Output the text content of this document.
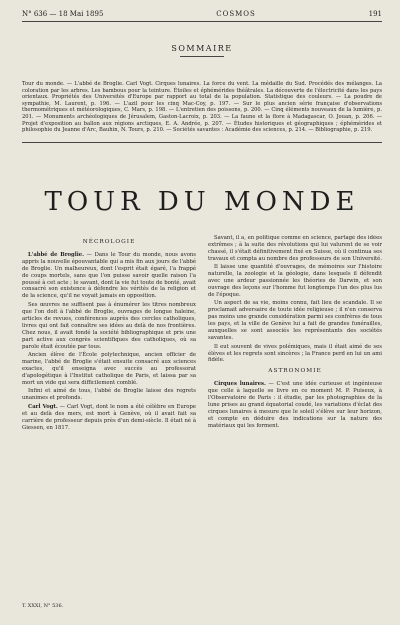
N° 636 — 18 Mai 1895	COSMOS	191
SOMMAIRE
Tour du monde. — L'abbé de Broglie. Carl Vogt. Cirques lunaires. La force du vent. La médaille du Sud. Procédés des mélanges. La coloration par les arbres. Les bambous pour la teinture. Étoiles et éphémérides théâtrales. La découverte de l'électricité dans les pays orientaux. Propriétés des Universités d'Europe par rapport au total de la population. Statistique des couleurs. — La poudre de sympathie, M. Laurent, p. 196. — L'azil pour les cinq Mac-Coy, p. 197. — Sur le plus ancien série française d'observations thermométriques et météorologiques, C. Mars, p. 198. — L'entretien des poissons, p. 200. — Cinq éléments nouveaux de la lumière, p. 201. — Monuments archéologiques de Jérusalem, Gaston-Lacroix, p. 203. — La faune et la flore à Madagascar, O. Jouan, p. 206. — Projet d'exposition au ballon aux régions arctiques, E. A. Andrée, p. 207. — Études historiques et géographiques ; éphémérides et philosophie du Jeanne d'Arc, Bauhin, N. Tours, p. 210. — Sociétés savantes : Académie des sciences, p. 214. — Bibliographie, p. 219.
TOUR DU MONDE
NÉCROLOGIE

L'abbé de Broglie. — Dans le Tour du monde, nous avons appris la nouvelle épouvantable qui a mis fin aux jours de l'abbé de Broglie. Un malheureux, dont l'esprit était égaré, l'a frappé de coups mortels, sans que l'on puisse savoir quelle raison l'a poussé à cet acte ; le savant, dont la vie fut toute de bonté, avait consacré son existence à défendre les vérités de la religion et de la science, qu'il ne voyait jamais en opposition.

Ses œuvres ne suffisent pas à énumérer les titres nombreux que l'on doit à l'abbé de Broglie, ouvrages de longue haleine, articles de revues, conférences auprès des cercles catholiques, livres qui ont fait connaître ses idées au delà de nos frontières. Chez nous, il avait fondé la société bibliographique et pris une part active aux congrès scientifiques des catholiques, où sa parole était écoutée par tous.

Ancien élève de l'École polytechnique, ancien officier de marine, l'abbé de Broglie s'était ensuite consacré aux sciences exactes, qu'il enseigna avec succès au professorat d'apologétique à l'Institut catholique de Paris, et laissa par sa mort un vide qui sera difficilement comblé.

Infini et aimé de tous, l'abbé de Broglie laisse des regrets unanimes et profonds.

Carl Vogt. — Carl Vogt, dont le nom a été célèbre en Europe et au delà des mers, est mort à Genève, où il avait fait sa carrière de professeur depuis près d'un demi-siècle. Il était né à Giessen, en 1817.

Savant, il a, en politique comme en science, partagé des idées extrêmes ; à la suite des révolutions qui lui valurent de se voir chassé, il s'était définitivement fixé en Suisse, où il continua ses travaux et compta au nombre des professeurs de son Université.

Il laisse une quantité d'ouvrages, de mémoires sur l'histoire naturelle, la zoologie et la géologie, dans lesquels il défendit avec une ardeur passionnée les théories de Darwin, et son ouvrage des leçons sur l'homme fut longtemps l'un des plus lus de l'époque.

Un aspect de sa vie, moins connu, fait lieu de scandale. Il se proclamait adversaire de toute idée religieuse ; il n'en conserva pas moins une grande considération parmi ses confrères de tous les pays, et la ville de Genève lui a fait de grandes funérailles, auxquelles se sont associés les représentants des sociétés savantes.

Il eut souvent de vives polémiques, mais il était aimé de ses élèves et les regrets sont sincères ; la France perd en lui un ami fidèle.

ASTRONOMIE

Cirques lunaires. — C'est une idée curieuse et ingénieuse que celle à laquelle se livre en ce moment M. P. Puiseux, à l'Observatoire de Paris : il étudie, par les photographies de la lune prises au grand équatorial coudé, les variations d'éclat des cirques lunaires à mesure que le soleil s'élève sur leur horizon, et compte en déduire des indications sur la nature des matériaux qui les forment.

T. XXXI, N° 536.
